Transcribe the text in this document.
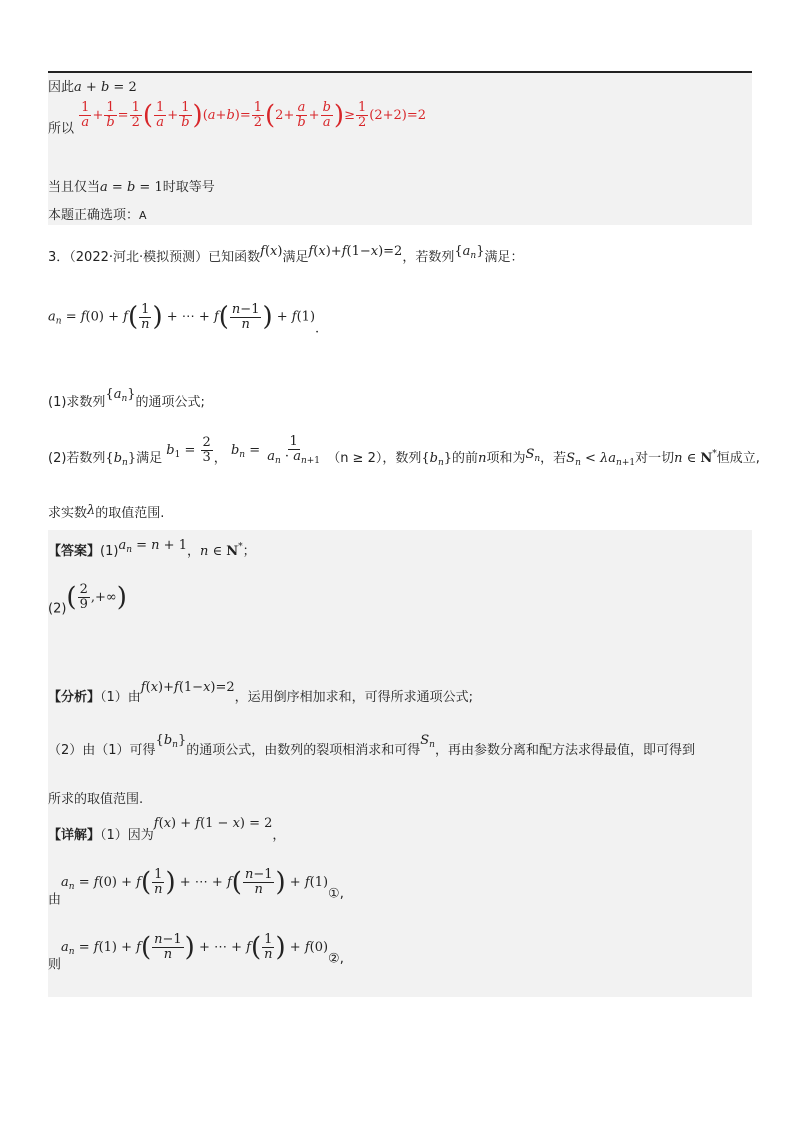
因此a + b = 2
所以 $\frac{1}{a} + \frac{1}{b} = \frac{1}{2}$ ( $\frac{1}{a} + \frac{1}{b} )(a+b)= \frac{1}{2} (2+ \frac{a}{b} + \frac{b}{a}$ )≥ $\frac{1}{2} (2+2)=2$
当且仅当a = b = 1时取等号
本题正确选项：A
3．（2022·河北·模拟预测）已知函数f(x)满足f(x)+f(1−x)=2，若数列$\{a_n\}$满足：
$a_n = f(0) + f( \frac{1}{n}$ ) + ⋯ + $f( \frac{n-1}{n}$ ) + f(1).
(1)求数列$\{a_n\}$的通项公式;
(2)若数列$\{b_n\}$满足 $b_1 = \frac{2}{3}$ ， $b_n = \frac{1}{a_n \cdot a_{n+1}} (n \ge 2)$，数列$\{b_n\}$的前n项和为$S_n$，若$S_n < \lambda a_{n+1}$对一切n ∈ N*恒成立,
求实数λ的取值范围.
【答案】$(1)a_n = n + 1$，n ∈ N*；
$(2)( \frac{2}{9}$ ,+∞)
【分析】（1）由f(x)+f(1−x)=2，运用倒序相加求和，可得所求通项公式;
（2）由（1）可得$\{b_n\}$的通项公式，由数列的裂项相消求和可得$S_n$，再由参数分离和配方法求得最值，即可得到
所求的取值范围.
【详解】（1）因为f(x) + f(1 − x) = 2，
由$a_n = f(0) + f( \frac{1}{n}$ ) + ⋯ + $f( \frac{n-1}{n}$ ) + f(1)①,
则$a_n = f(1) + f( \frac{n-1}{n}$ ) + ⋯ + $f( \frac{1}{n}$ ) + f(0)②,
